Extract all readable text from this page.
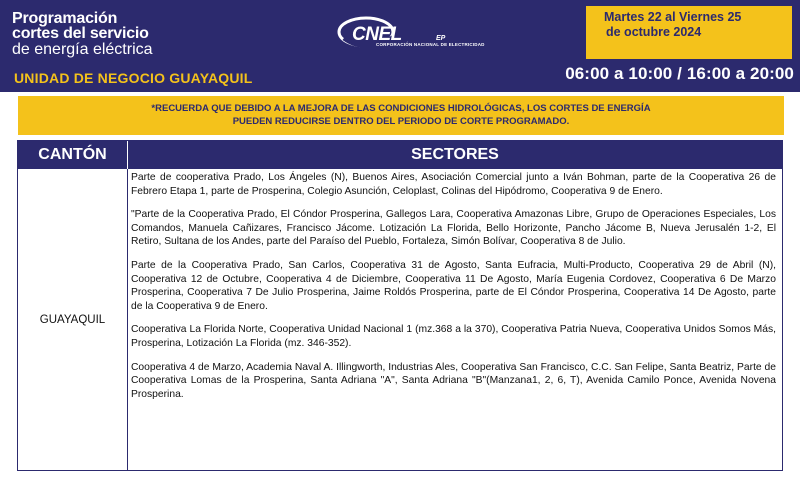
Programación
cortes del servicio
de energía eléctrica
UNIDAD DE NEGOCIO GUAYAQUIL
CNEL	EP
CORPORACIÓN NACIONAL DE ELECTRICIDAD
Martes 22 al Viernes 25
de octubre 2024
06:00 a 10:00 / 16:00 a 20:00
*RECUERDA QUE DEBIDO A LA MEJORA DE LAS CONDICIONES HIDROLÓGICAS, LOS CORTES DE ENERGÍA
PUEDEN REDUCIRSE DENTRO DEL PERIODO DE CORTE PROGRAMADO.
CANTÓN	SECTORES
GUAYAQUIL

Parte de cooperativa Prado, Los Ángeles (N), Buenos Aires, Asociación Comercial junto a Iván Bohman, parte de la Cooperativa 26 de Febrero Etapa 1, parte de Prosperina, Colegio Asunción, Celoplast, Colinas del Hipódromo, Cooperativa 9 de Enero.

"Parte de la Cooperativa Prado, El Cóndor Prosperina, Gallegos Lara, Cooperativa Amazonas Libre, Grupo de Operaciones Especiales, Los Comandos, Manuela Cañizares, Francisco Jácome. Lotización La Florida, Bello Horizonte, Pancho Jácome B, Nueva Jerusalén 1-2, El Retiro, Sultana de los Andes, parte del Paraíso del Pueblo, Fortaleza, Simón Bolívar, Cooperativa 8 de Julio.

Parte de la Cooperativa Prado, San Carlos, Cooperativa 31 de Agosto, Santa Eufracia, Multi-Producto, Cooperativa 29 de Abril (N), Cooperativa 12 de Octubre, Cooperativa 4 de Diciembre, Cooperativa 11 De Agosto, María Eugenia Cordovez, Cooperativa 6 De Marzo Prosperina, Cooperativa 7 De Julio Prosperina, Jaime Roldós Prosperina, parte de El Cóndor Prosperina, Cooperativa 14 De Agosto, parte de la Cooperativa 9 de Enero.

Cooperativa La Florida Norte, Cooperativa Unidad Nacional 1 (mz.368 a la 370), Cooperativa Patria Nueva, Cooperativa Unidos Somos Más, Prosperina, Lotización La Florida (mz. 346-352).

Cooperativa 4 de Marzo, Academia Naval A. Illingworth, Industrias Ales, Cooperativa San Francisco, C.C. San Felipe, Santa Beatriz, Parte de Cooperativa Lomas de la Prosperina, Santa Adriana "A", Santa Adriana "B"(Manzana1, 2, 6, T), Avenida Camilo Ponce, Avenida Novena Prosperina.
